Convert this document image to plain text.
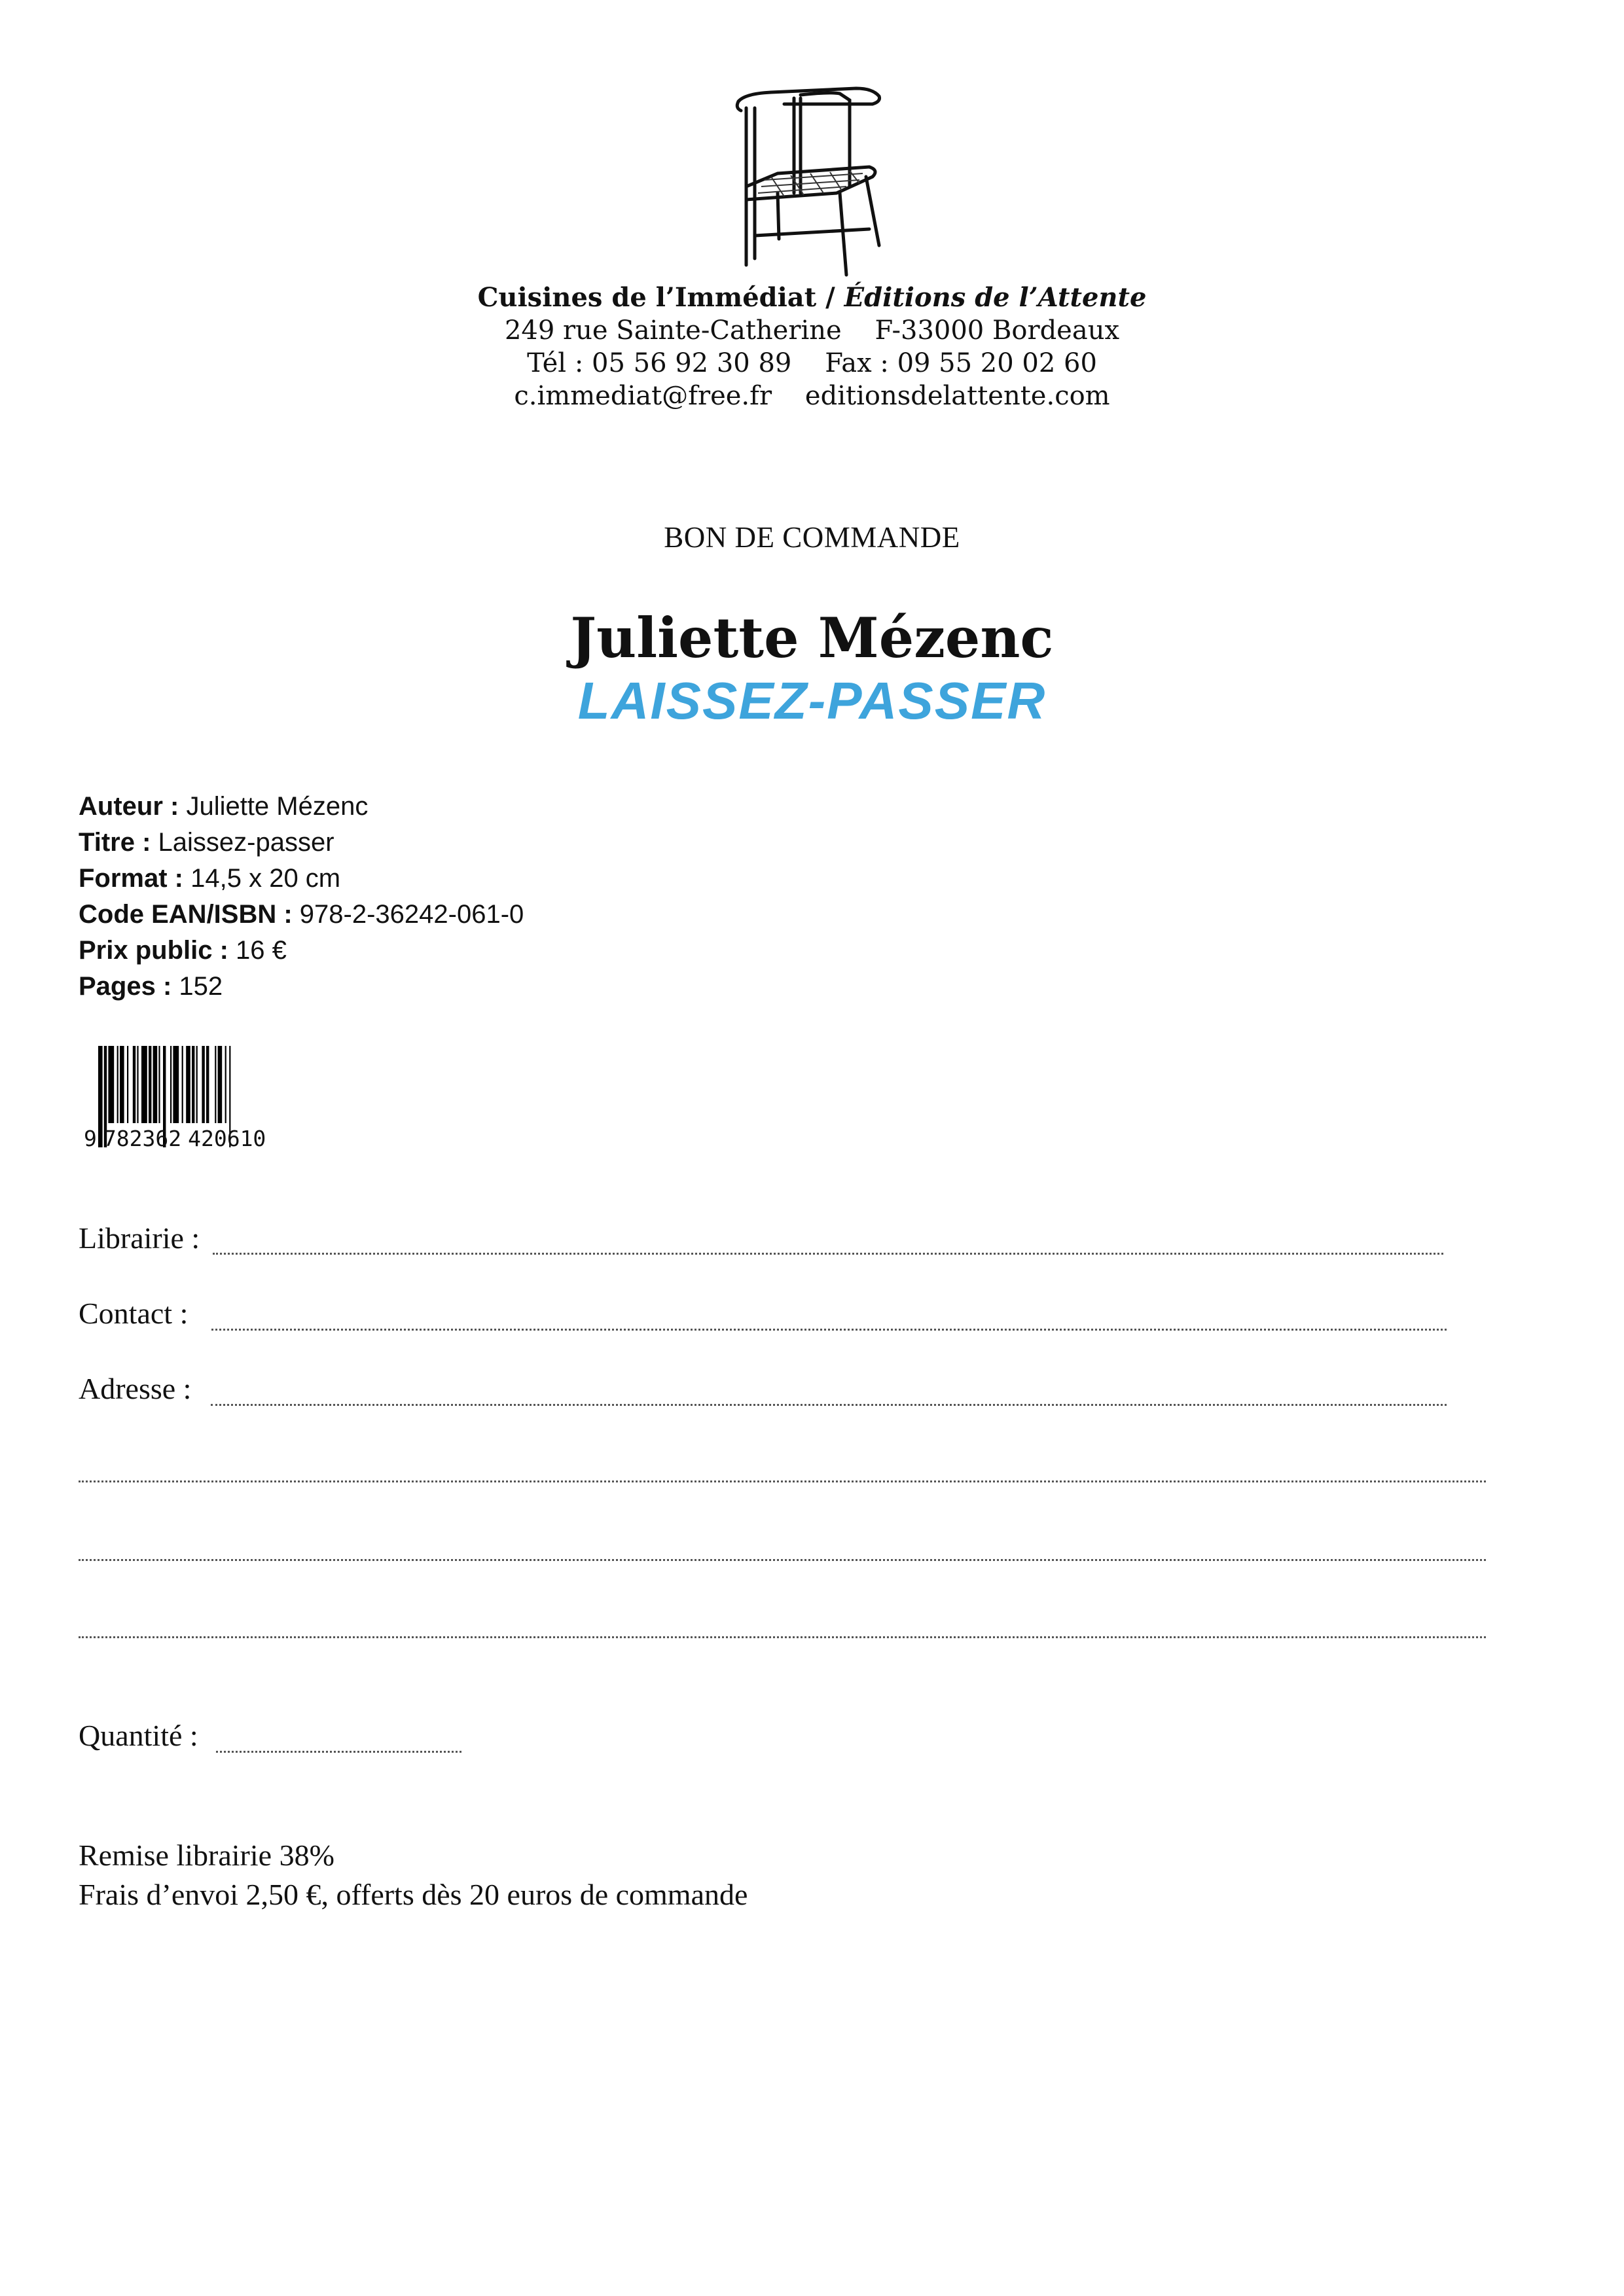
Cuisines de l’Immédiat / Éditions de l’Attente
249 rue Sainte-Catherine    F-33000 Bordeaux
Tél : 05 56 92 30 89    Fax : 09 55 20 02 60
c.immediat@free.fr    editionsdelattente.com
BON DE COMMANDE
Juliette Mézenc
LAISSEZ-PASSER
Auteur : Juliette Mézenc
Titre : Laissez-passer
Format : 14,5 x 20 cm
Code EAN/ISBN : 978-2-36242-061-0
Prix public : 16 €
Pages : 152
9 782362 420610
Librairie :
Contact :
Adresse :
Quantité :
Remise librairie 38%
Frais d’envoi 2,50 €, offerts dès 20 euros de commande
